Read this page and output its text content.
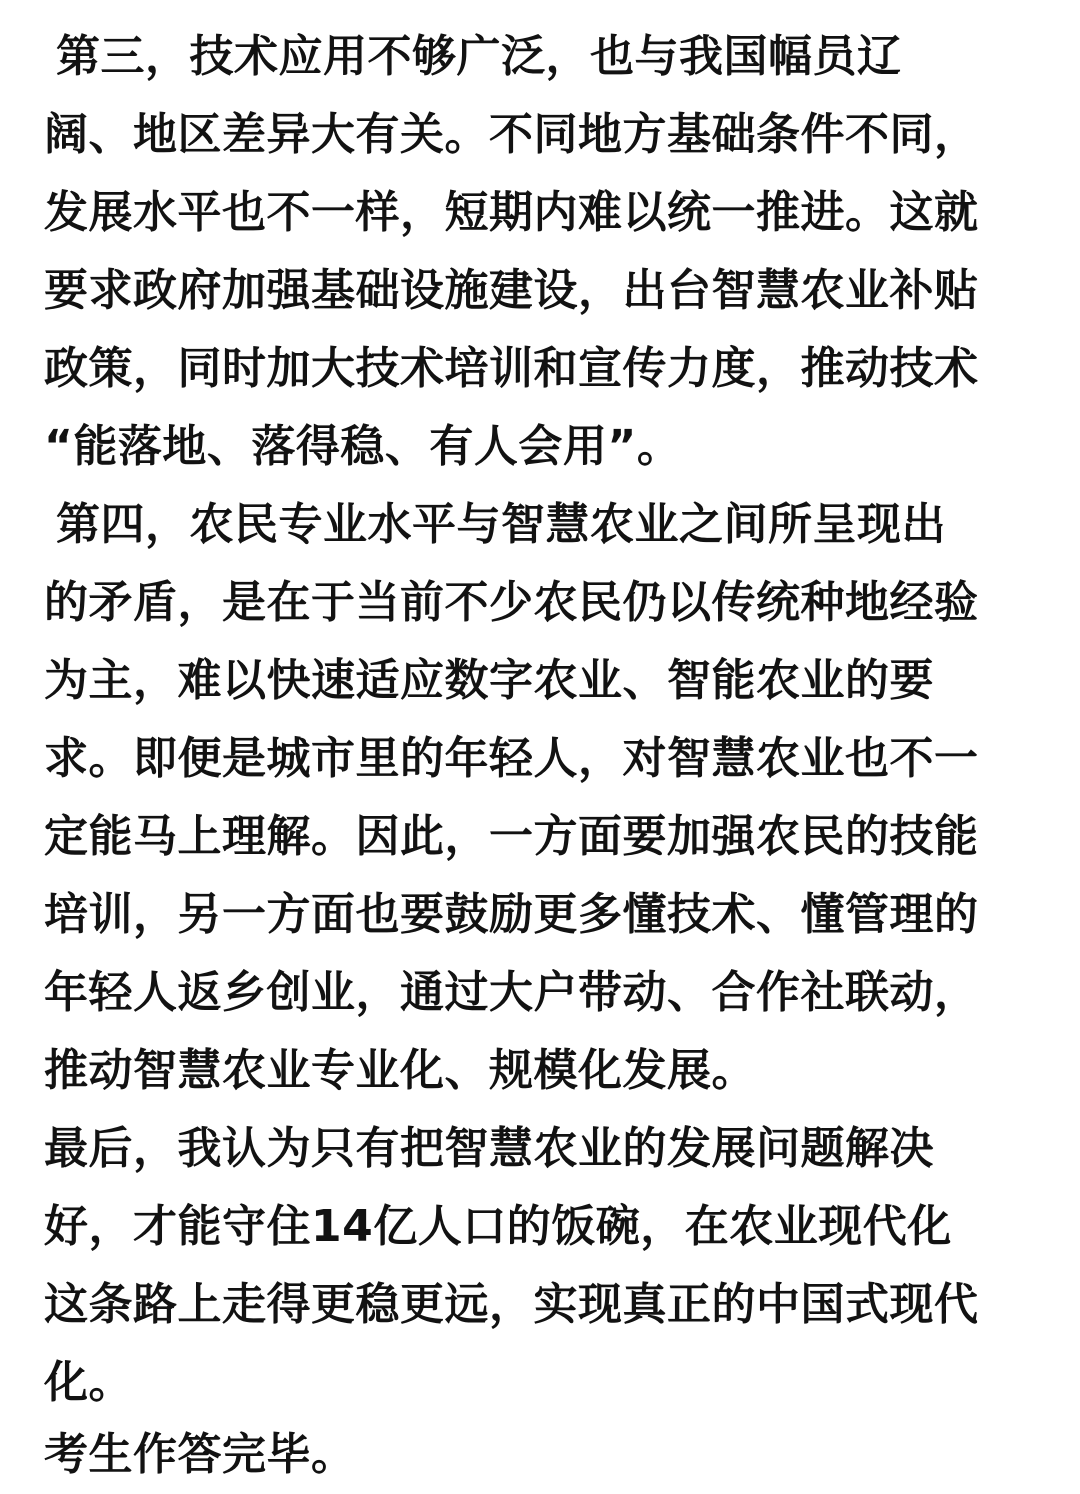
第三，技术应用不够广泛，也与我国幅员辽
阔、地区差异大有关。不同地方基础条件不同，
发展水平也不一样，短期内难以统一推进。这就
要求政府加强基础设施建设，出台智慧农业补贴
政策，同时加大技术培训和宣传力度，推动技术
“能落地、落得稳、有人会用”。
第四，农民专业水平与智慧农业之间所呈现出
的矛盾，是在于当前不少农民仍以传统种地经验
为主，难以快速适应数字农业、智能农业的要
求。即便是城市里的年轻人，对智慧农业也不一
定能马上理解。因此，一方面要加强农民的技能
培训，另一方面也要鼓励更多懂技术、懂管理的
年轻人返乡创业，通过大户带动、合作社联动，
推动智慧农业专业化、规模化发展。
最后，我认为只有把智慧农业的发展问题解决
好，才能守住14亿人口的饭碗，在农业现代化
这条路上走得更稳更远，实现真正的中国式现代
化。
考生作答完毕。
